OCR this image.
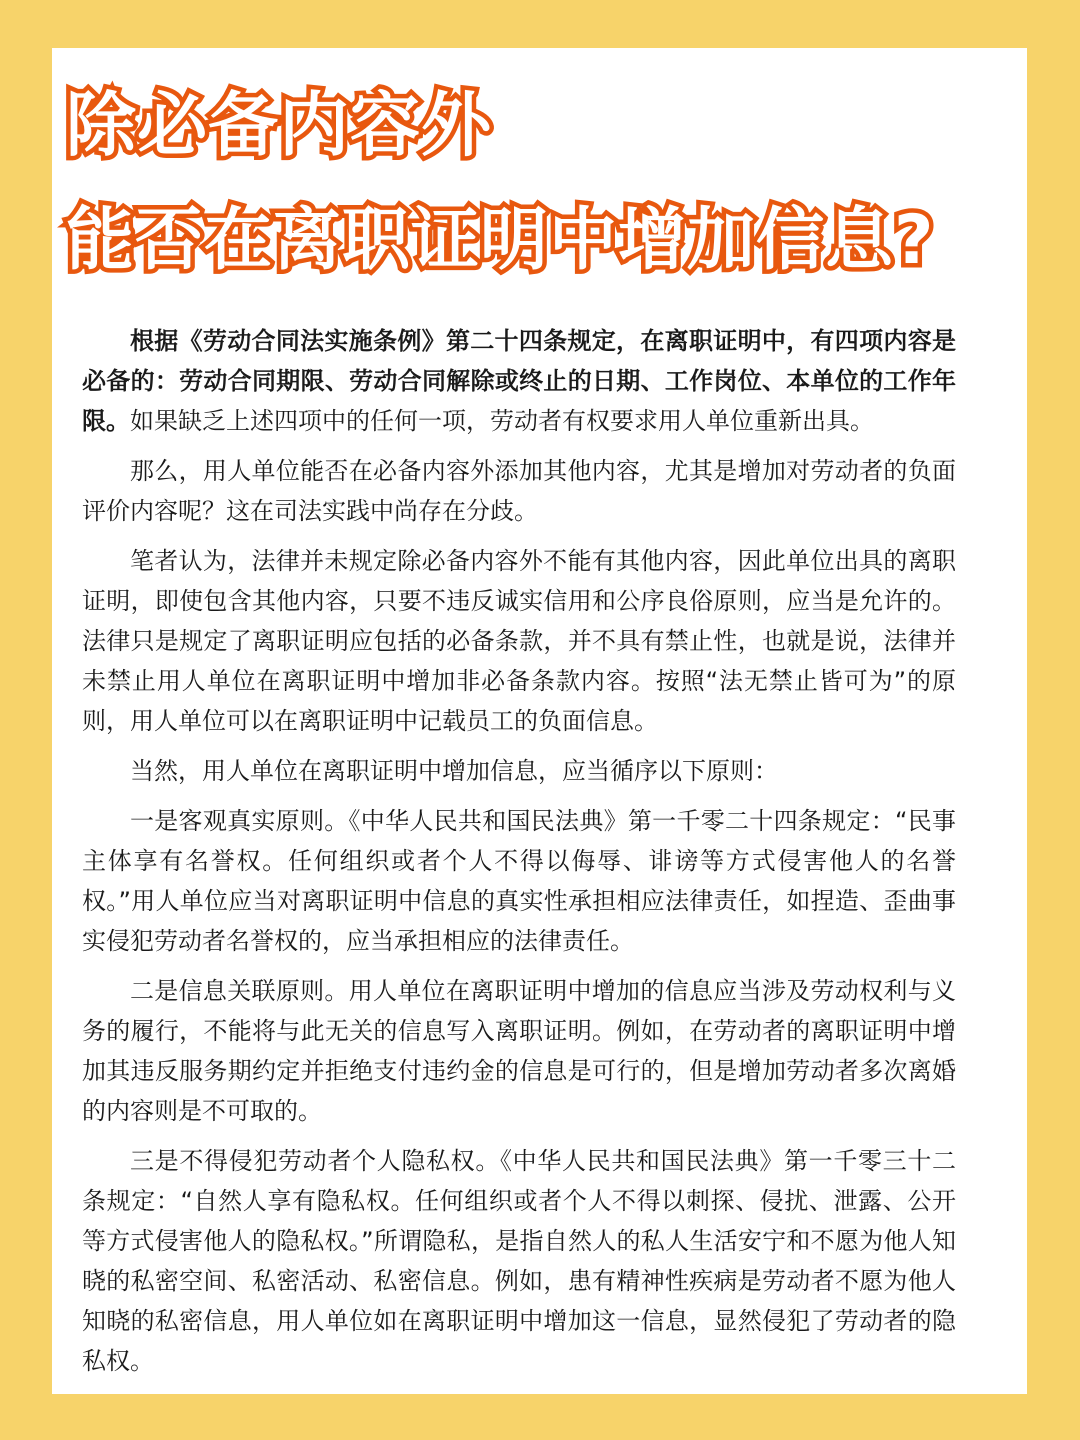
除必备内容外
能否在离职证明中增加信息?

根据《劳动合同法实施条例》第二十四条规定，在离职证明中，有四项内容是必备的：劳动合同期限、劳动合同解除或终止的日期、工作岗位、本单位的工作年限。如果缺乏上述四项中的任何一项，劳动者有权要求用人单位重新出具。

那么，用人单位能否在必备内容外添加其他内容，尤其是增加对劳动者的负面评价内容呢？这在司法实践中尚存在分歧。

笔者认为，法律并未规定除必备内容外不能有其他内容，因此单位出具的离职证明，即使包含其他内容，只要不违反诚实信用和公序良俗原则，应当是允许的。法律只是规定了离职证明应包括的必备条款，并不具有禁止性，也就是说，法律并未禁止用人单位在离职证明中增加非必备条款内容。按照“法无禁止皆可为”的原则，用人单位可以在离职证明中记载员工的负面信息。

当然，用人单位在离职证明中增加信息，应当循序以下原则：

一是客观真实原则。《中华人民共和国民法典》第一千零二十四条规定：“民事主体享有名誉权。任何组织或者个人不得以侮辱、诽谤等方式侵害他人的名誉权。”用人单位应当对离职证明中信息的真实性承担相应法律责任，如捏造、歪曲事实侵犯劳动者名誉权的，应当承担相应的法律责任。

二是信息关联原则。用人单位在离职证明中增加的信息应当涉及劳动权利与义务的履行，不能将与此无关的信息写入离职证明。例如，在劳动者的离职证明中增加其违反服务期约定并拒绝支付违约金的信息是可行的，但是增加劳动者多次离婚的内容则是不可取的。

三是不得侵犯劳动者个人隐私权。《中华人民共和国民法典》第一千零三十二条规定：“自然人享有隐私权。任何组织或者个人不得以刺探、侵扰、泄露、公开等方式侵害他人的隐私权。”所谓隐私，是指自然人的私人生活安宁和不愿为他人知晓的私密空间、私密活动、私密信息。例如，患有精神性疾病是劳动者不愿为他人知晓的私密信息，用人单位如在离职证明中增加这一信息，显然侵犯了劳动者的隐私权。
